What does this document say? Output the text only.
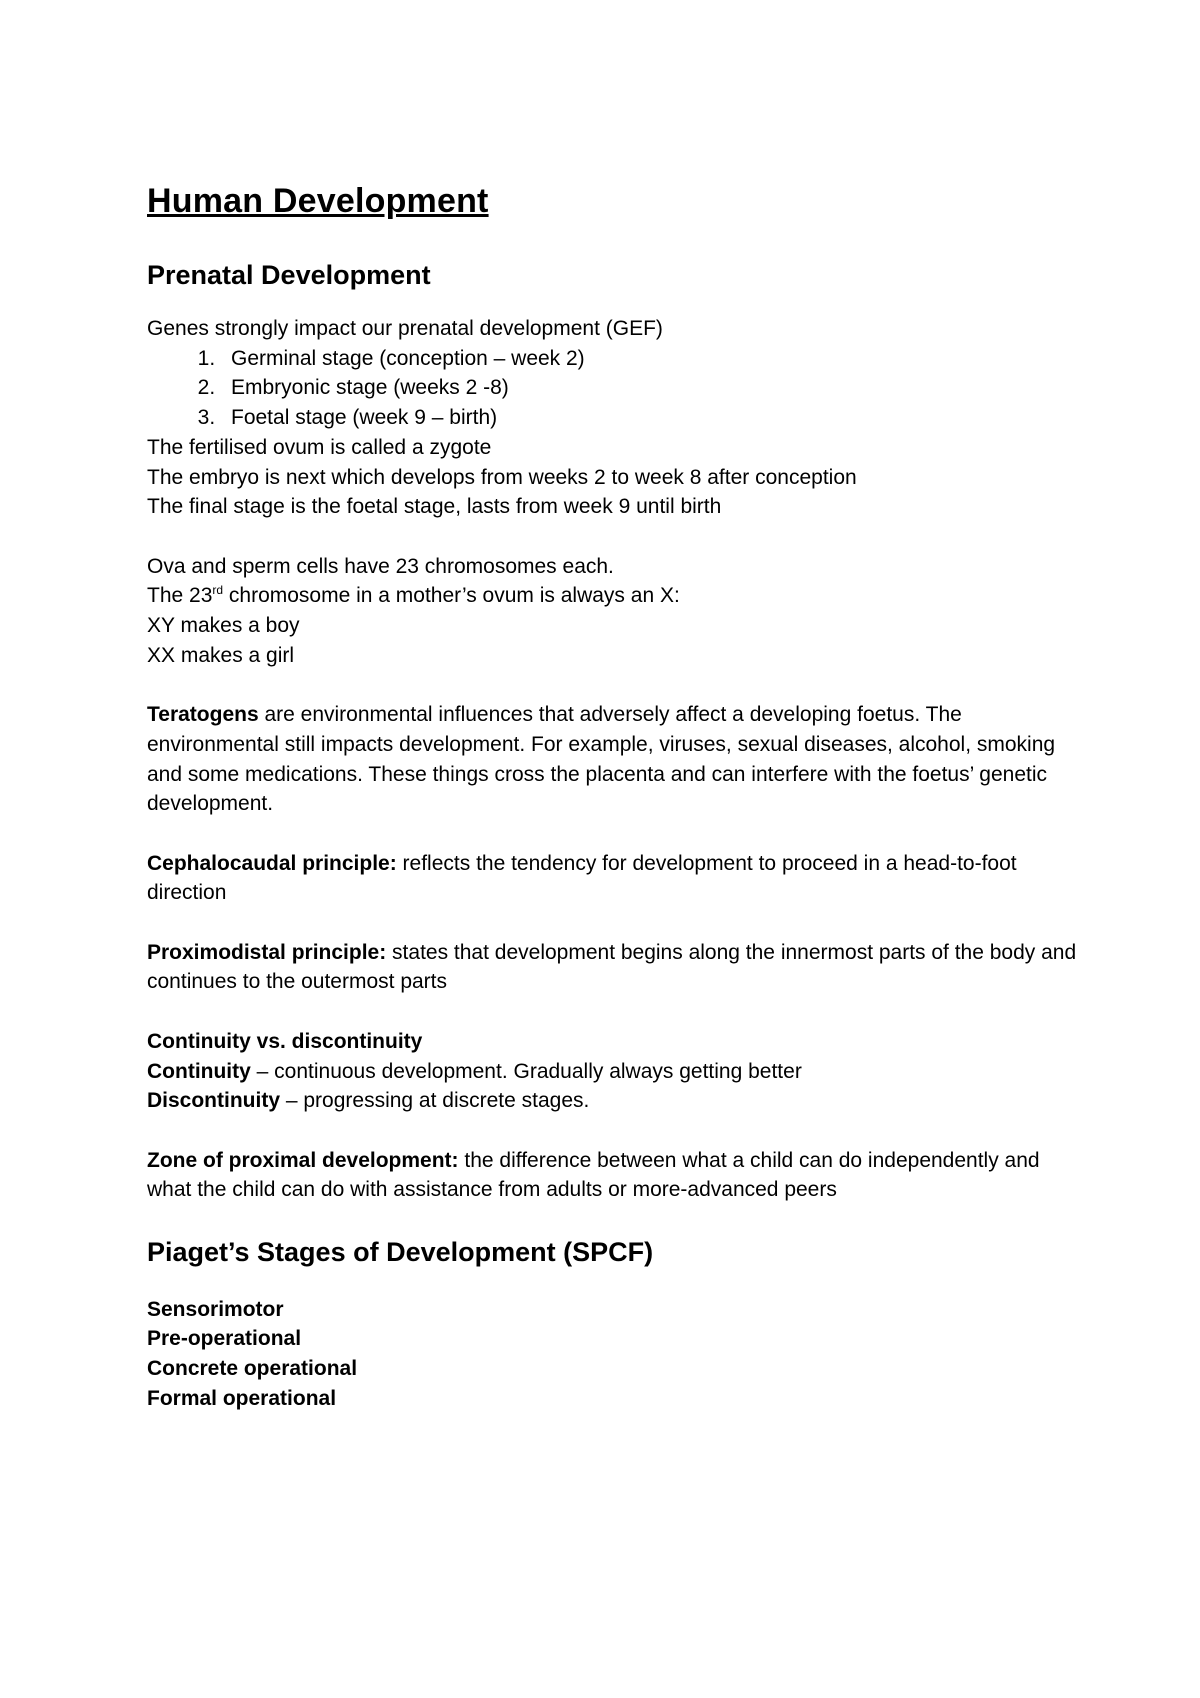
Human Development
Prenatal Development
Genes strongly impact our prenatal development (GEF)
1. Germinal stage (conception – week 2)
2. Embryonic stage (weeks 2 -8)
3. Foetal stage (week 9 – birth)
The fertilised ovum is called a zygote
The embryo is next which develops from weeks 2 to week 8 after conception
The final stage is the foetal stage, lasts from week 9 until birth
Ova and sperm cells have 23 chromosomes each.
The 23rd chromosome in a mother’s ovum is always an X:
XY makes a boy
XX makes a girl
Teratogens are environmental influences that adversely affect a developing foetus. The environmental still impacts development. For example, viruses, sexual diseases, alcohol, smoking and some medications. These things cross the placenta and can interfere with the foetus’ genetic development.
Cephalocaudal principle: reflects the tendency for development to proceed in a head-to-foot direction
Proximodistal principle: states that development begins along the innermost parts of the body and continues to the outermost parts
Continuity vs. discontinuity
Continuity – continuous development. Gradually always getting better
Discontinuity – progressing at discrete stages.
Zone of proximal development: the difference between what a child can do independently and what the child can do with assistance from adults or more-advanced peers
Piaget’s Stages of Development (SPCF)
Sensorimotor
Pre-operational
Concrete operational
Formal operational
